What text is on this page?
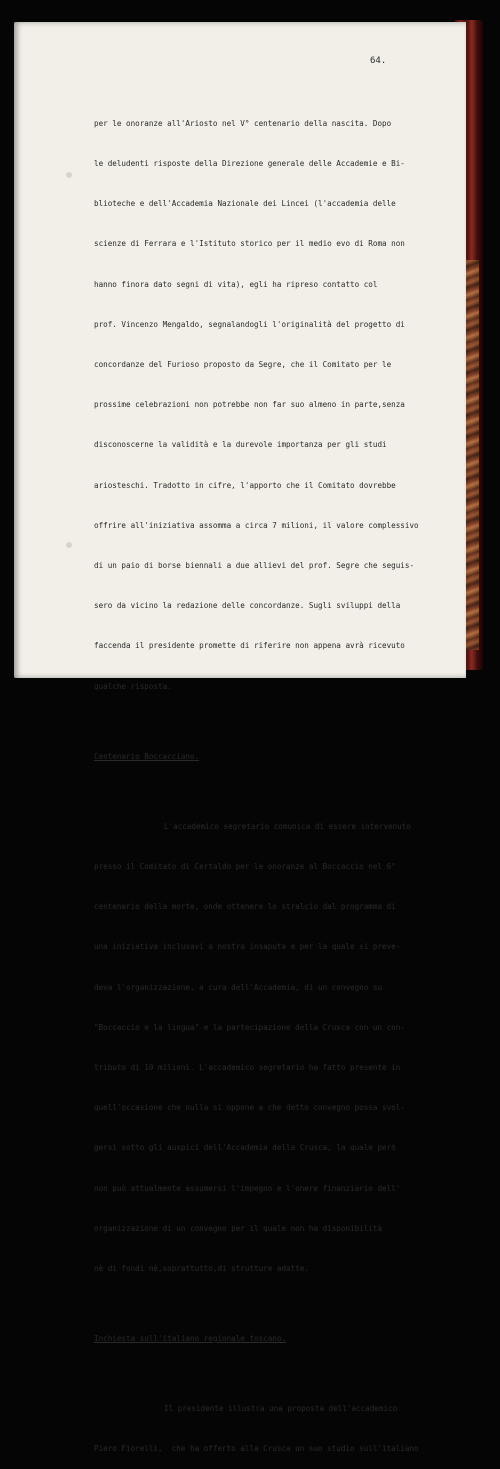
64.

per le onoranze all'Ariosto nel V° centenario della nascita. Dopo

le deludenti risposte della Direzione generale delle Accademie e Bi-

blioteche e dell'Accademia Nazionale dei Lincei (l'accademia delle

scienze di Ferrara e l'Istituto storico per il medio evo di Roma non

hanno finora dato segni di vita), egli ha ripreso contatto col

prof. Vincenzo Mengaldo, segnalandogli l'originalità del progetto di

concordanze del Furioso proposto da Segre, che il Comitato per le

prossime celebrazioni non potrebbe non far suo almeno in parte,senza

disconoscerne la validità e la durevole importanza per gli studi

ariosteschi. Tradotto in cifre, l'apporto che il Comitato dovrebbe

offrire all'iniziativa assomma a circa 7 milioni, il valore complessivo

di un paio di borse biennali a due allievi del prof. Segre che seguis-

sero da vicino la redazione delle concordanze. Sugli sviluppi della

faccenda il presidente promette di riferire non appena avrà ricevuto

qualche risposta.

Centenario Boccacciano.

L'accademico segretario comunica di essere intervenuto

presso il Comitato di Certaldo per le onoranze al Boccaccio nel 6°

centenario della morte, onde ottenere lo stralcio dal programma di

una iniziativa inclusavi a nostra insaputa e per la quale si preve-

deva l'organizzazione, a cura dell'Accademia, di un convegno su

"Boccaccio e la lingua" e la partecipazione della Crusca con un con-

tributo di 10 milioni. L'accademico segretario ha fatto presente in

quell'occasione che nulla si oppone a che detto convegno possa svol-

gersi sotto gli auspici dell'Accademia della Crusca, la quale però

non può attualmente assumersi l'impegno e l'onere finanziario dell'

organizzazione di un convegno per il quale non ha disponibilità

nè di fondi nè,soprattutto,di strutture adatte.

Inchiesta sull'italiano regionale toscano.

Il presidente illustra una proposta dell'accademico

Piero Fiorelli,  che ha offerto alla Crusca un suo studio sull'italiano
